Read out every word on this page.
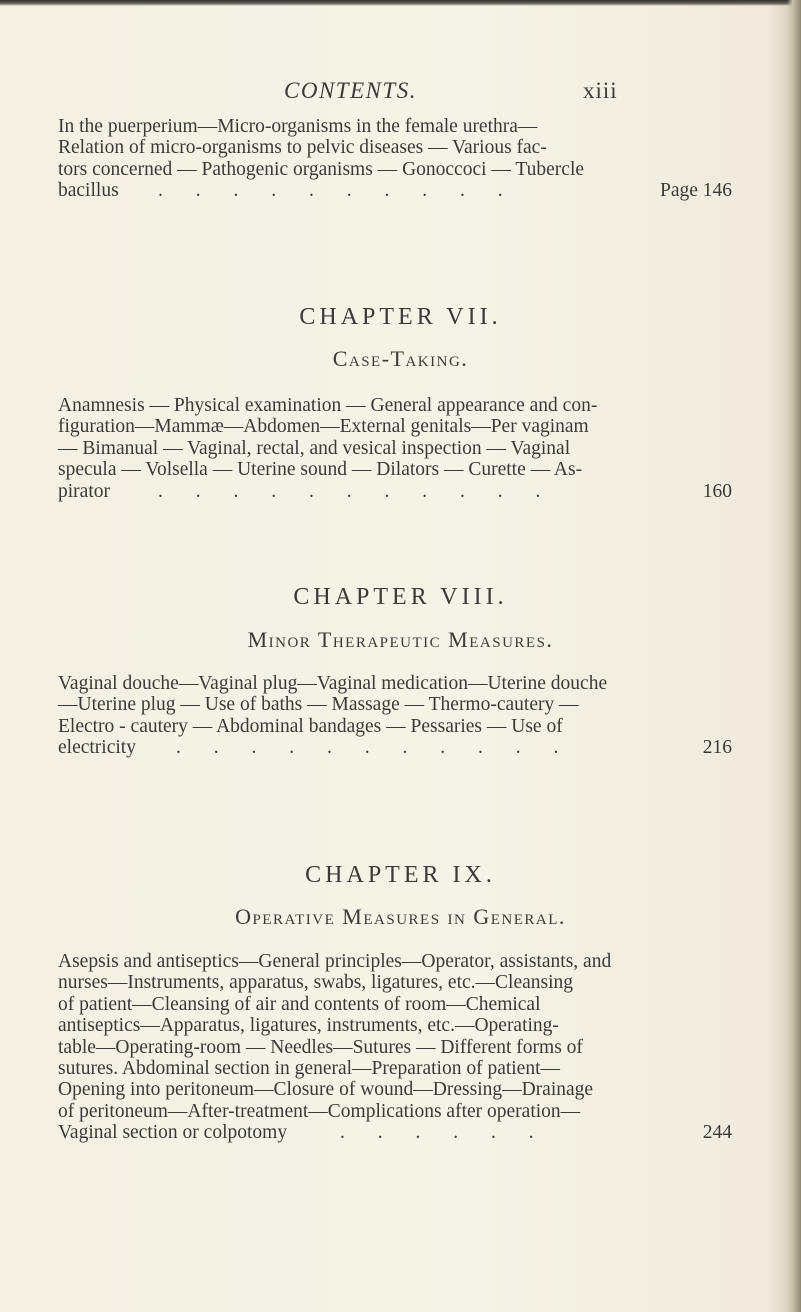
CONTENTS.	xiii
In the puerperium—Micro-organisms in the female urethra—
Relation of micro-organisms to pelvic diseases — Various fac-
tors concerned — Pathogenic organisms — Gonoccoci — Tubercle
bacillus . . . . . . . . . .	Page 146
CHAPTER VII.
Case-Taking.
Anamnesis — Physical examination — General appearance and con-
figuration—Mammæ—Abdomen—External genitals—Per vaginam
— Bimanual — Vaginal, rectal, and vesical inspection — Vaginal
specula — Volsella — Uterine sound — Dilators — Curette — As-
pirator . . . . . . . . . . .	160
CHAPTER VIII.
Minor Therapeutic Measures.
Vaginal douche—Vaginal plug—Vaginal medication—Uterine douche
—Uterine plug — Use of baths — Massage — Thermo-cautery —
Electro - cautery — Abdominal bandages — Pessaries — Use of
electricity . . . . . . . . . . .	216
CHAPTER IX.
Operative Measures in General.
Asepsis and antiseptics—General principles—Operator, assistants, and
nurses—Instruments, apparatus, swabs, ligatures, etc.—Cleansing
of patient—Cleansing of air and contents of room—Chemical
antiseptics—Apparatus, ligatures, instruments, etc.—Operating-
table—Operating-room — Needles—Sutures — Different forms of
sutures. Abdominal section in general—Preparation of patient—
Opening into peritoneum—Closure of wound—Dressing—Drainage
of peritoneum—After-treatment—Complications after operation—
Vaginal section or colpotomy	. . . . . .	244
